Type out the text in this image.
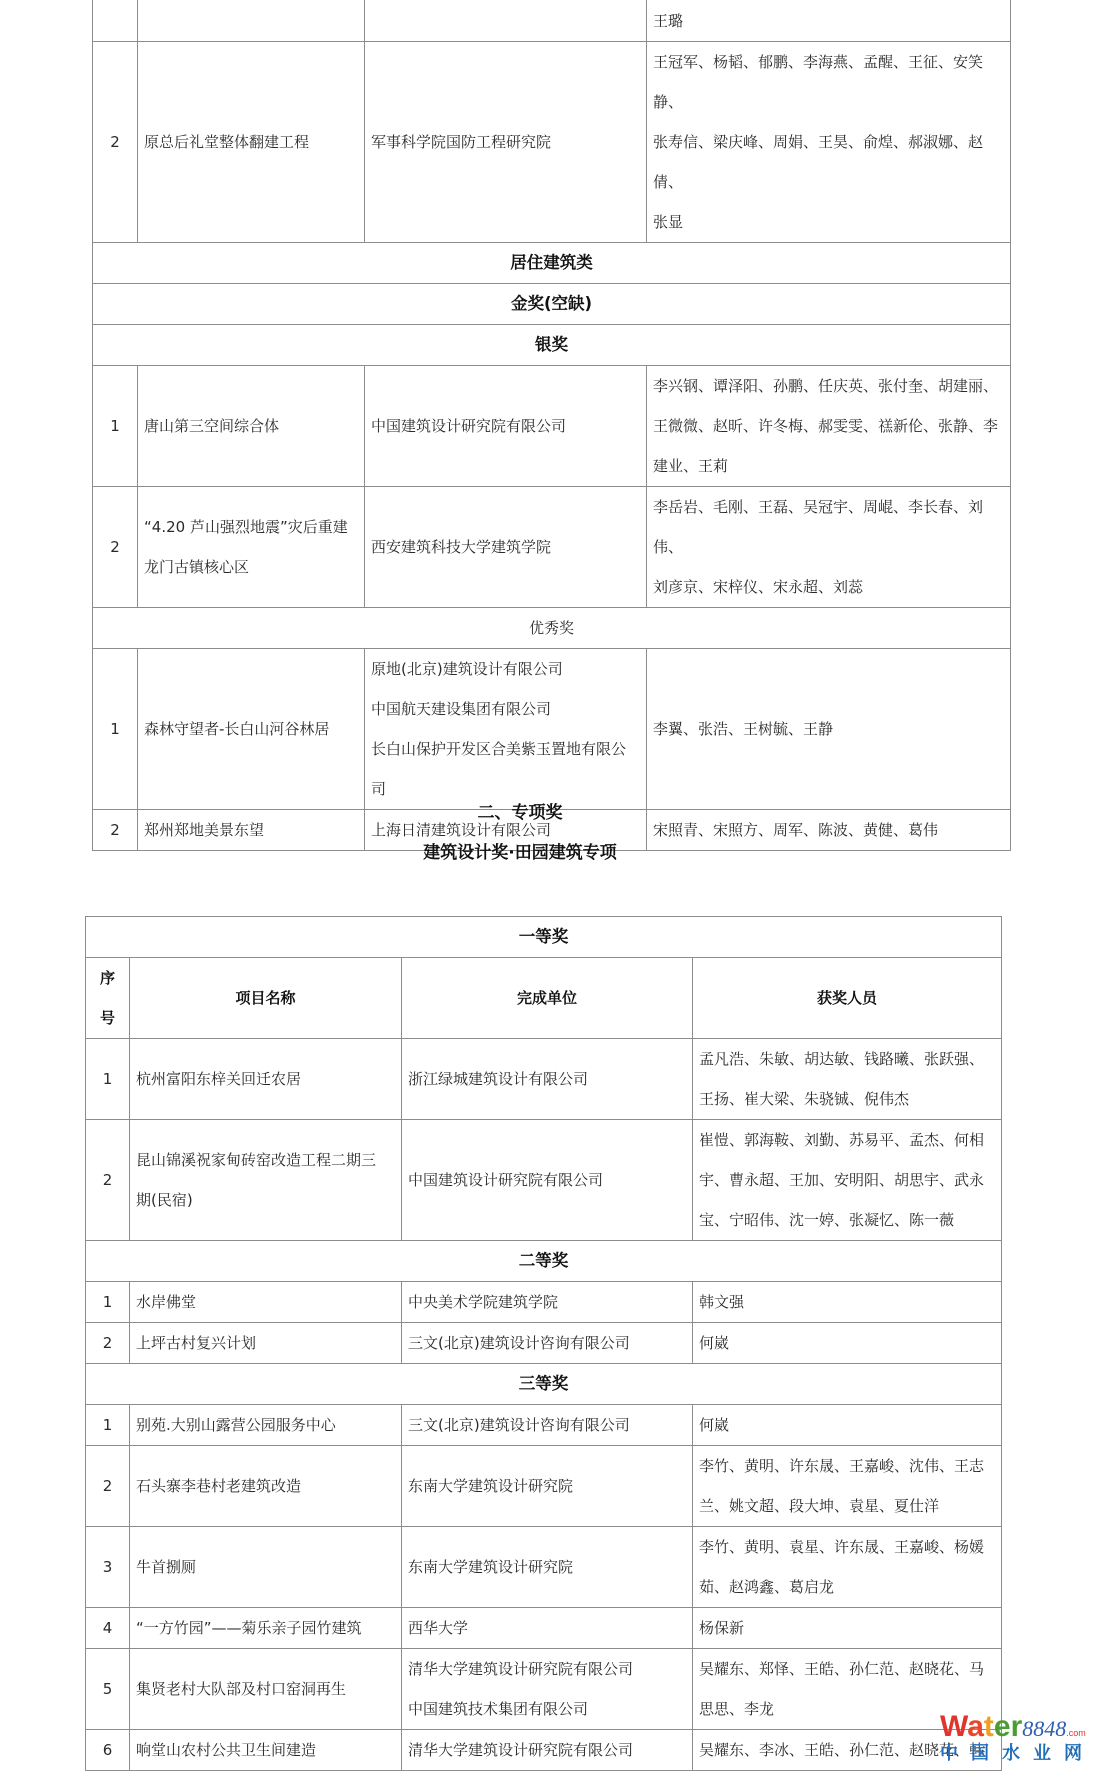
			王璐

2	原总后礼堂整体翻建工程	军事科学院国防工程研究院	王冠军、杨韬、郁鹏、李海燕、孟醒、王征、安笑静、
张寿信、梁庆峰、周娟、王昊、俞煌、郝淑娜、赵倩、
张显

居住建筑类			
金奖(空缺)			
银奖			
1	唐山第三空间综合体	中国建筑设计研究院有限公司	李兴钢、谭泽阳、孙鹏、任庆英、张付奎、胡建丽、
王微微、赵昕、许冬梅、郝雯雯、禚新伦、张静、李
建业、王莉

2	“4.20 芦山强烈地震”灾后重建
龙门古镇核心区	西安建筑科技大学建筑学院	李岳岩、毛刚、王磊、吴冠宇、周崐、李长春、刘伟、
刘彦京、宋梓仪、宋永超、刘蕊

优秀奖			
1	森林守望者-长白山河谷林居	原地(北京)建筑设计有限公司
中国航天建设集团有限公司
长白山保护开发区合美紫玉置地有限公
司	李翼、张浩、王树毓、王静

2	郑州郑地美景东望	上海日清建筑设计有限公司	宋照青、宋照方、周军、陈波、黄健、葛伟
二、专项奖
建筑设计奖·田园建筑专项
一等奖			

序
号	项目名称	完成单位	获奖人员
1	杭州富阳东梓关回迁农居	浙江绿城建筑设计有限公司	孟凡浩、朱敏、胡达敏、钱路曦、张跃强、
王扬、崔大梁、朱骁铖、倪伟杰

2	昆山锦溪祝家甸砖窑改造工程二期三
期(民宿)	中国建筑设计研究院有限公司	崔愷、郭海鞍、刘勤、苏易平、孟杰、何相
宇、曹永超、王加、安明阳、胡思宇、武永
宝、宁昭伟、沈一婷、张凝忆、陈一薇

二等奖			
1	水岸佛堂	中央美术学院建筑学院	韩文强

2	上坪古村复兴计划	三文(北京)建筑设计咨询有限公司	何崴

三等奖			
1	别苑.大别山露营公园服务中心	三文(北京)建筑设计咨询有限公司	何崴

2	石头寨李巷村老建筑改造	东南大学建筑设计研究院	李竹、黄明、许东晟、王嘉峻、沈伟、王志
兰、姚文超、段大坤、袁星、夏仕洋

3	牛首捌厕	东南大学建筑设计研究院	李竹、黄明、袁星、许东晟、王嘉峻、杨媛
茹、赵鸿鑫、葛启龙

4	“一方竹园”——菊乐亲子园竹建筑	西华大学	杨保新

5	集贤老村大队部及村口窑洞再生	清华大学建筑设计研究院有限公司
中国建筑技术集团有限公司	吴耀东、郑怿、王皓、孙仁范、赵晓花、马
思思、李龙

6	响堂山农村公共卫生间建造	清华大学建筑设计研究院有限公司	吴耀东、李冰、王皓、孙仁范、赵晓花、韩
Water8848.com
中国水业网
